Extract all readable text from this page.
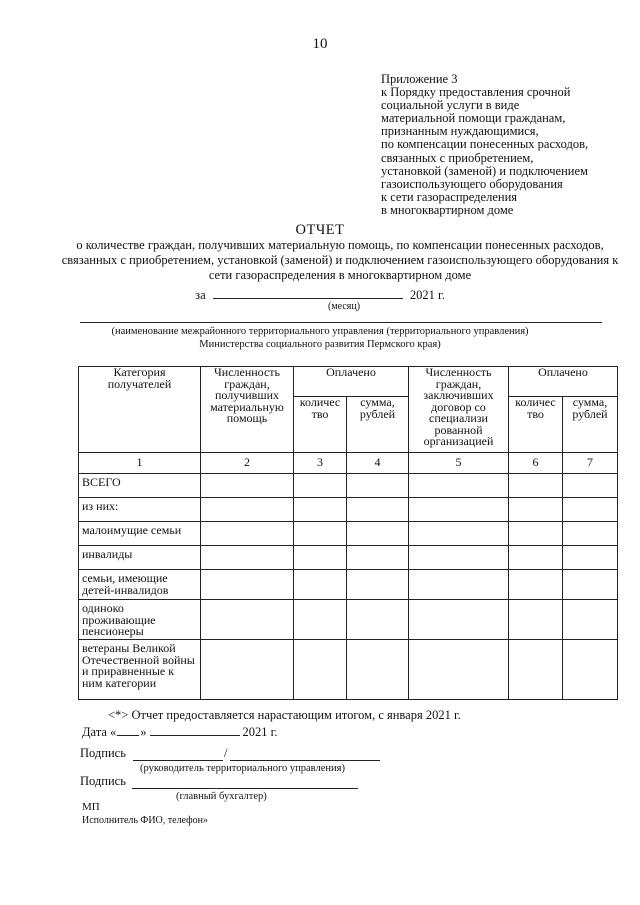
10
Приложение 3
к Порядку предоставления срочной
социальной услуги в виде
материальной помощи гражданам,
признанным нуждающимися,
по компенсации понесенных расходов,
связанных с приобретением,
установкой (заменой) и подключением
газоиспользующего оборудования
к сети газораспределения
в многоквартирном доме
ОТЧЕТ
о количестве граждан, получивших материальную помощь, по компенсации понесенных расходов, связанных с приобретением, установкой (заменой) и подключением газоиспользующего оборудования к сети газораспределения в многоквартирном доме
за	2021 г.
(месяц)
(наименование межрайонного территориального управления (территориального управления)
Министерства социального развития Пермского края)
Категория получателей	Численность граждан, получивших материальную помощь	Оплачено		Численность граждан, заключивших договор со специализи рованной организацией	Оплачено	
		количес тво	сумма, рублей		количес тво	сумма, рублей
1	2	3	4	5	6	7
ВСЕГО						
из них:						
малоимущие семьи						
инвалиды						
семьи, имеющие детей-инвалидов						
одиноко проживающие пенсионеры						
ветераны Великой Отечественной войны и приравненные к ним категории						
<*> Отчет предоставляется нарастающим итогом, с января 2021 г.
Дата « »	2021 г.
Подпись	/
(руководитель территориального управления)
Подпись
(главный бухгалтер)
МП
Исполнитель ФИО, телефон»
